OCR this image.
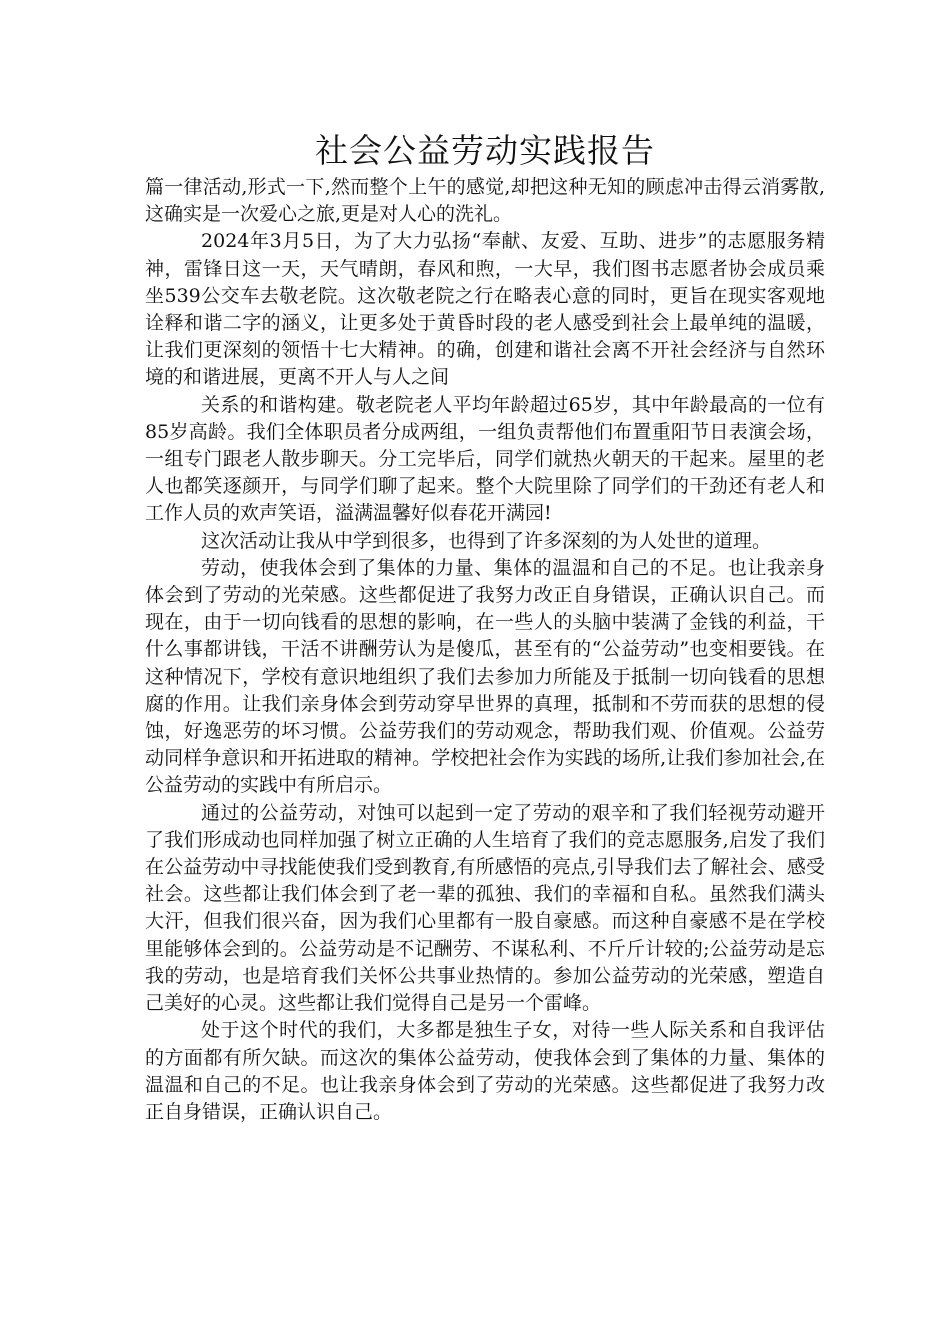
社会公益劳动实践报告

篇一律活动,形式一下,然而整个上午的感觉,却把这种无知的顾虑冲击得云消雾散,这确实是一次爱心之旅,更是对人心的洗礼。

2024年3月5日，为了大力弘扬“奉献、友爱、互助、进步”的志愿服务精神，雷锋日这一天，天气晴朗，春风和煦，一大早，我们图书志愿者协会成员乘坐539公交车去敬老院。这次敬老院之行在略表心意的同时，更旨在现实客观地诠释和谐二字的涵义，让更多处于黄昏时段的老人感受到社会上最单纯的温暖，让我们更深刻的领悟十七大精神。的确，创建和谐社会离不开社会经济与自然环境的和谐进展，更离不开人与人之间

关系的和谐构建。敬老院老人平均年龄超过65岁，其中年龄最高的一位有85岁高龄。我们全体职员者分成两组，一组负责帮他们布置重阳节日表演会场，一组专门跟老人散步聊天。分工完毕后，同学们就热火朝天的干起来。屋里的老人也都笑逐颜开，与同学们聊了起来。整个大院里除了同学们的干劲还有老人和工作人员的欢声笑语，溢满温馨好似春花开满园!

这次活动让我从中学到很多，也得到了许多深刻的为人处世的道理。

劳动，使我体会到了集体的力量、集体的温温和自己的不足。也让我亲身体会到了劳动的光荣感。这些都促进了我努力改正自身错误，正确认识自己。而现在，由于一切向钱看的思想的影响，在一些人的头脑中装满了金钱的利益，干什么事都讲钱，干活不讲酬劳认为是傻瓜，甚至有的“公益劳动”也变相要钱。在这种情况下，学校有意识地组织了我们去参加力所能及于抵制一切向钱看的思想腐的作用。让我们亲身体会到劳动穿早世界的真理，抵制和不劳而获的思想的侵蚀，好逸恶劳的坏习惯。公益劳我们的劳动观念，帮助我们观、价值观。公益劳动同样争意识和开拓进取的精神。学校把社会作为实践的场所,让我们参加社会,在公益劳动的实践中有所启示。

通过的公益劳动，对蚀可以起到一定了劳动的艰辛和了我们轻视劳动避开了我们形成动也同样加强了树立正确的人生培育了我们的竞志愿服务,启发了我们在公益劳动中寻找能使我们受到教育,有所感悟的亮点,引导我们去了解社会、感受社会。这些都让我们体会到了老一辈的孤独、我们的幸福和自私。虽然我们满头大汗，但我们很兴奋，因为我们心里都有一股自豪感。而这种自豪感不是在学校里能够体会到的。公益劳动是不记酬劳、不谋私利、不斤斤计较的;公益劳动是忘我的劳动，也是培育我们关怀公共事业热情的。参加公益劳动的光荣感，塑造自己美好的心灵。这些都让我们觉得自己是另一个雷峰。

处于这个时代的我们，大多都是独生子女，对待一些人际关系和自我评估的方面都有所欠缺。而这次的集体公益劳动，使我体会到了集体的力量、集体的温温和自己的不足。也让我亲身体会到了劳动的光荣感。这些都促进了我努力改正自身错误，正确认识自己。
